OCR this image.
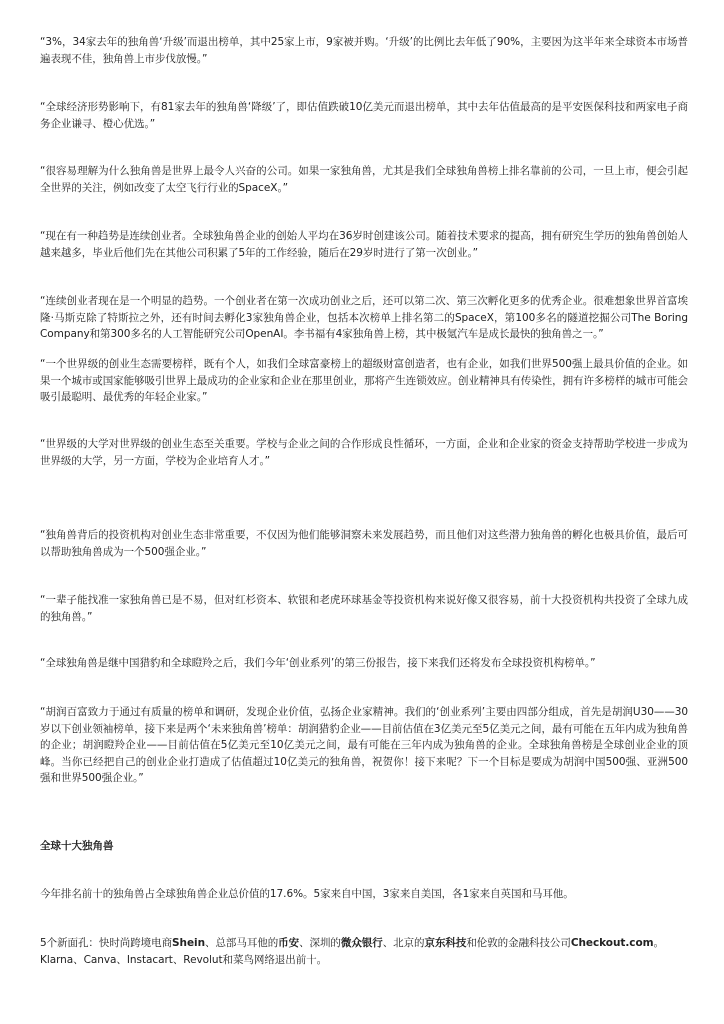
“3%，34家去年的独角兽‘升级’而退出榜单，其中25家上市，9家被并购。‘升级’的比例比去年低了90%，主要因为这半年来全球资本市场普遍表现不佳，独角兽上市步伐放慢。”

“全球经济形势影响下，有81家去年的独角兽‘降级’了，即估值跌破10亿美元而退出榜单，其中去年估值最高的是平安医保科技和两家电子商务企业谦寻、橙心优选。”

“很容易理解为什么独角兽是世界上最令人兴奋的公司。如果一家独角兽，尤其是我们全球独角兽榜上排名靠前的公司，一旦上市，便会引起全世界的关注，例如改变了太空飞行行业的SpaceX。”

“现在有一种趋势是连续创业者。全球独角兽企业的创始人平均在36岁时创建该公司。随着技术要求的提高，拥有研究生学历的独角兽创始人越来越多，毕业后他们先在其他公司积累了5年的工作经验，随后在29岁时进行了第一次创业。”

“连续创业者现在是一个明显的趋势。一个创业者在第一次成功创业之后，还可以第二次、第三次孵化更多的优秀企业。很难想象世界首富埃隆·马斯克除了特斯拉之外，还有时间去孵化3家独角兽企业，包括本次榜单上排名第二的SpaceX，第100多名的隧道挖掘公司The Boring Company和第300多名的人工智能研究公司OpenAI。李书福有4家独角兽上榜，其中极氪汽车是成长最快的独角兽之一。”

“一个世界级的创业生态需要榜样，既有个人，如我们全球富豪榜上的超级财富创造者，也有企业，如我们世界500强上最具价值的企业。如果一个城市或国家能够吸引世界上最成功的企业家和企业在那里创业，那将产生连锁效应。创业精神具有传染性，拥有许多榜样的城市可能会吸引最聪明、最优秀的年轻企业家。”

“世界级的大学对世界级的创业生态至关重要。学校与企业之间的合作形成良性循环，一方面，企业和企业家的资金支持帮助学校进一步成为世界级的大学，另一方面，学校为企业培育人才。”

“独角兽背后的投资机构对创业生态非常重要，不仅因为他们能够洞察未来发展趋势，而且他们对这些潜力独角兽的孵化也极具价值，最后可以帮助独角兽成为一个500强企业。”

“一辈子能找准一家独角兽已是不易，但对红杉资本、软银和老虎环球基金等投资机构来说好像又很容易，前十大投资机构共投资了全球九成的独角兽。”

“全球独角兽是继中国猎豹和全球瞪羚之后，我们今年‘创业系列’的第三份报告，接下来我们还将发布全球投资机构榜单。”

“胡润百富致力于通过有质量的榜单和调研，发现企业价值，弘扬企业家精神。我们的‘创业系列’主要由四部分组成，首先是胡润U30——30岁以下创业领袖榜单，接下来是两个‘未来独角兽’榜单：胡润猎豹企业——目前估值在3亿美元至5亿美元之间，最有可能在五年内成为独角兽的企业；胡润瞪羚企业——目前估值在5亿美元至10亿美元之间，最有可能在三年内成为独角兽的企业。全球独角兽榜是全球创业企业的顶峰。当你已经把自己的创业企业打造成了估值超过10亿美元的独角兽，祝贺你！接下来呢？下一个目标是要成为胡润中国500强、亚洲500强和世界500强企业。”

全球十大独角兽

今年排名前十的独角兽占全球独角兽企业总价值的17.6%。5家来自中国，3家来自美国，各1家来自英国和马耳他。

5个新面孔：快时尚跨境电商Shein、总部马耳他的币安、深圳的微众银行、北京的京东科技和伦敦的金融科技公司Checkout.com。
Klarna、Canva、Instacart、Revolut和菜鸟网络退出前十。
